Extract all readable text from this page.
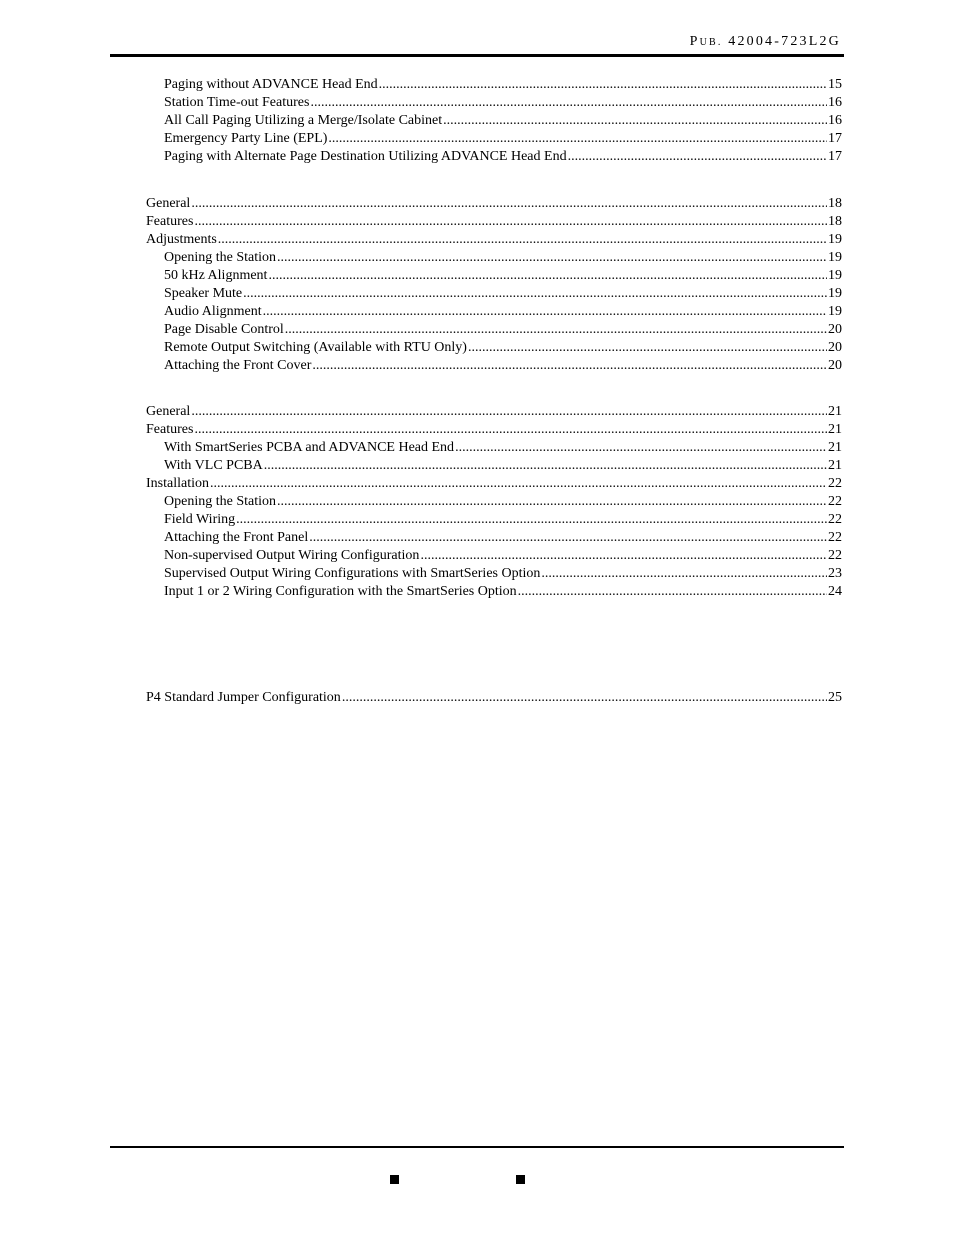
PUB. 42004-723L2G
Paging without ADVANCE Head End .....	15
Station Time-out Features .....	16
All Call Paging Utilizing a Merge/Isolate Cabinet .....	16
Emergency Party Line (EPL) .....	17
Paging with Alternate Page Destination Utilizing ADVANCE Head End .....	17
General .....	18
Features .....	18
Adjustments .....	19
Opening the Station .....	19
50 kHz Alignment .....	19
Speaker Mute .....	19
Audio Alignment .....	19
Page Disable Control .....	20
Remote Output Switching (Available with RTU Only) .....	20
Attaching the Front Cover .....	20
General .....	21
Features .....	21
With SmartSeries PCBA and ADVANCE Head End .....	21
With VLC PCBA .....	21
Installation .....	22
Opening the Station .....	22
Field Wiring .....	22
Attaching the Front Panel .....	22
Non-supervised Output Wiring Configuration .....	22
Supervised Output Wiring Configurations with SmartSeries Option .....	23
Input 1 or 2 Wiring Configuration with the SmartSeries Option .....	24
P4 Standard Jumper Configuration .....	25
